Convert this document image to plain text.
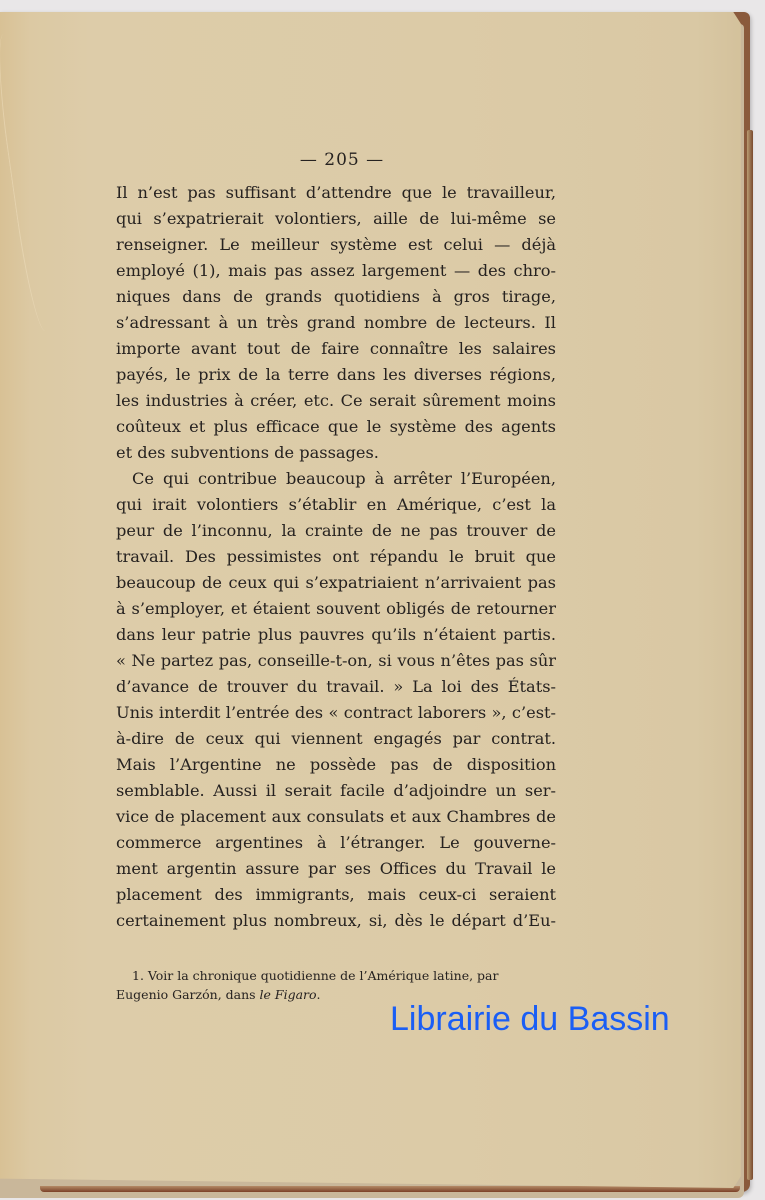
— 205 —

Il n’est pas suffisant d’attendre que le travailleur,
qui s’expatrierait volontiers, aille de lui-même se
renseigner. Le meilleur système est celui — déjà
employé (1), mais pas assez largement — des chro-
niques dans de grands quotidiens à gros tirage,
s’adressant à un très grand nombre de lecteurs. Il
importe avant tout de faire connaître les salaires
payés, le prix de la terre dans les diverses régions,
les industries à créer, etc. Ce serait sûrement moins
coûteux et plus efficace que le système des agents
et des subventions de passages.

Ce qui contribue beaucoup à arrêter l’Européen,
qui irait volontiers s’établir en Amérique, c’est la
peur de l’inconnu, la crainte de ne pas trouver de
travail. Des pessimistes ont répandu le bruit que
beaucoup de ceux qui s’expatriaient n’arrivaient pas
à s’employer, et étaient souvent obligés de retourner
dans leur patrie plus pauvres qu’ils n’étaient partis.
« Ne partez pas, conseille-t-on, si vous n’êtes pas sûr
d’avance de trouver du travail. » La loi des États-
Unis interdit l’entrée des « contract laborers », c’est-
à-dire de ceux qui viennent engagés par contrat.
Mais l’Argentine ne possède pas de disposition
semblable. Aussi il serait facile d’adjoindre un ser-
vice de placement aux consulats et aux Chambres de
commerce argentines à l’étranger. Le gouverne-
ment argentin assure par ses Offices du Travail le
placement des immigrants, mais ceux-ci seraient
certainement plus nombreux, si, dès le départ d’Eu-

1. Voir la chronique quotidienne de l’Amérique latine, par
Eugenio Garzón, dans le Figaro.
Librairie du Bassin
